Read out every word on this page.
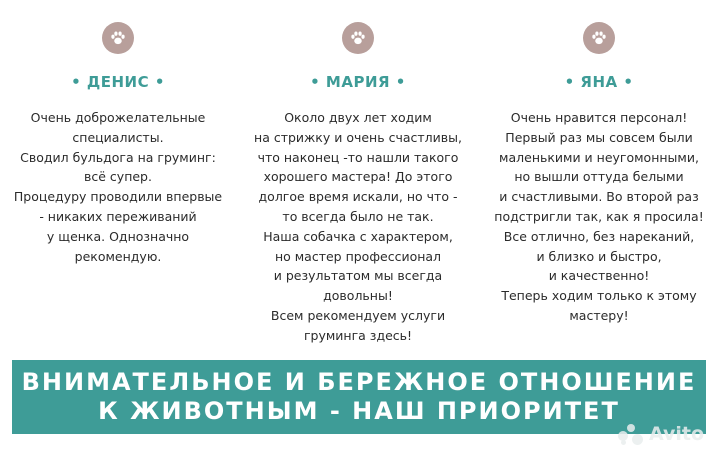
• ДЕНИС •
Очень доброжелательные
специалисты.
Сводил бульдога на груминг:
всё супер.
Процедуру проводили впервые
- никаких переживаний
у щенка. Однозначно
рекомендую.
• МАРИЯ •
Около двух лет ходим
на стрижку и очень счастливы,
что наконец -то нашли такого
хорошего мастера! До этого
долгое время искали, но что -
то всегда было не так.
Наша собачка с характером,
но мастер профессионал
и результатом мы всегда
довольны!
Всем рекомендуем услуги
груминга здесь!
• ЯНА •
Очень нравится персонал!
Первый раз мы совсем были
маленькими и неугомонными,
но вышли оттуда белыми
и счастливыми. Во второй раз
подстригли так, как я просила!
Все отлично, без нареканий,
и близко и быстро,
и качественно!
Теперь ходим только к этому
мастеру!
ВНИМАТЕЛЬНОЕ И БЕРЕЖНОЕ ОТНОШЕНИЕ
К ЖИВОТНЫМ - НАШ ПРИОРИТЕТ
Avito
